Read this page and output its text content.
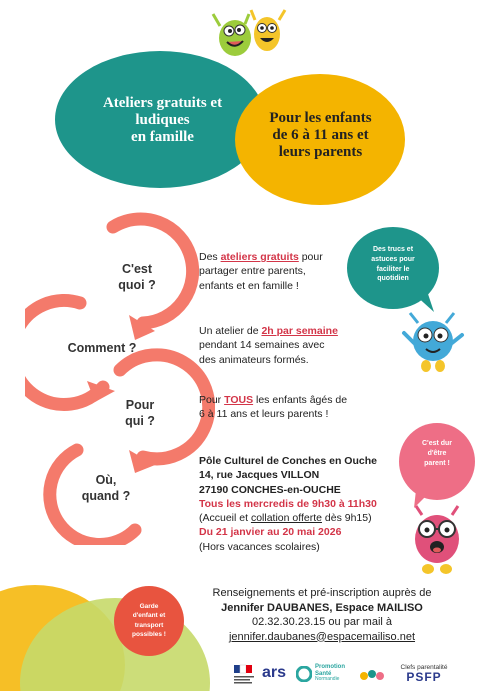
Ateliers gratuits et
ludiques
en famille
Pour les enfants
de 6 à 11 ans et
leurs parents
C'est
quoi ?
Comment ?
Pour
qui ?
Où,
quand ?
Des ateliers gratuits pour
partager entre parents,
enfants et en famille !
Un atelier de 2h par semaine
pendant 14 semaines avec
des animateurs formés.
Pour TOUS les enfants âgés de
6 à 11 ans et leurs parents !
Pôle Culturel de Conches en Ouche
14, rue Jacques VILLON
27190 CONCHES-en-OUCHE
Tous les mercredis de 9h30 à 11h30
(Accueil et collation offerte dès 9h15)
Du 21 janvier au 20 mai 2026
(Hors vacances scolaires)
Des trucs et
astuces pour
faciliter le
quotidien
C'est dur
d'être
parent !
Garde
d'enfant et
transport
possibles !
Renseignements et pré-inscription auprès de
Jennifer DAUBANES, Espace MAILISO
02.32.30.23.15 ou par mail à
jennifer.daubanes@espacemailiso.net
ars	Promotion
Santé
Normandie
Clefs parentalité
PSFP
